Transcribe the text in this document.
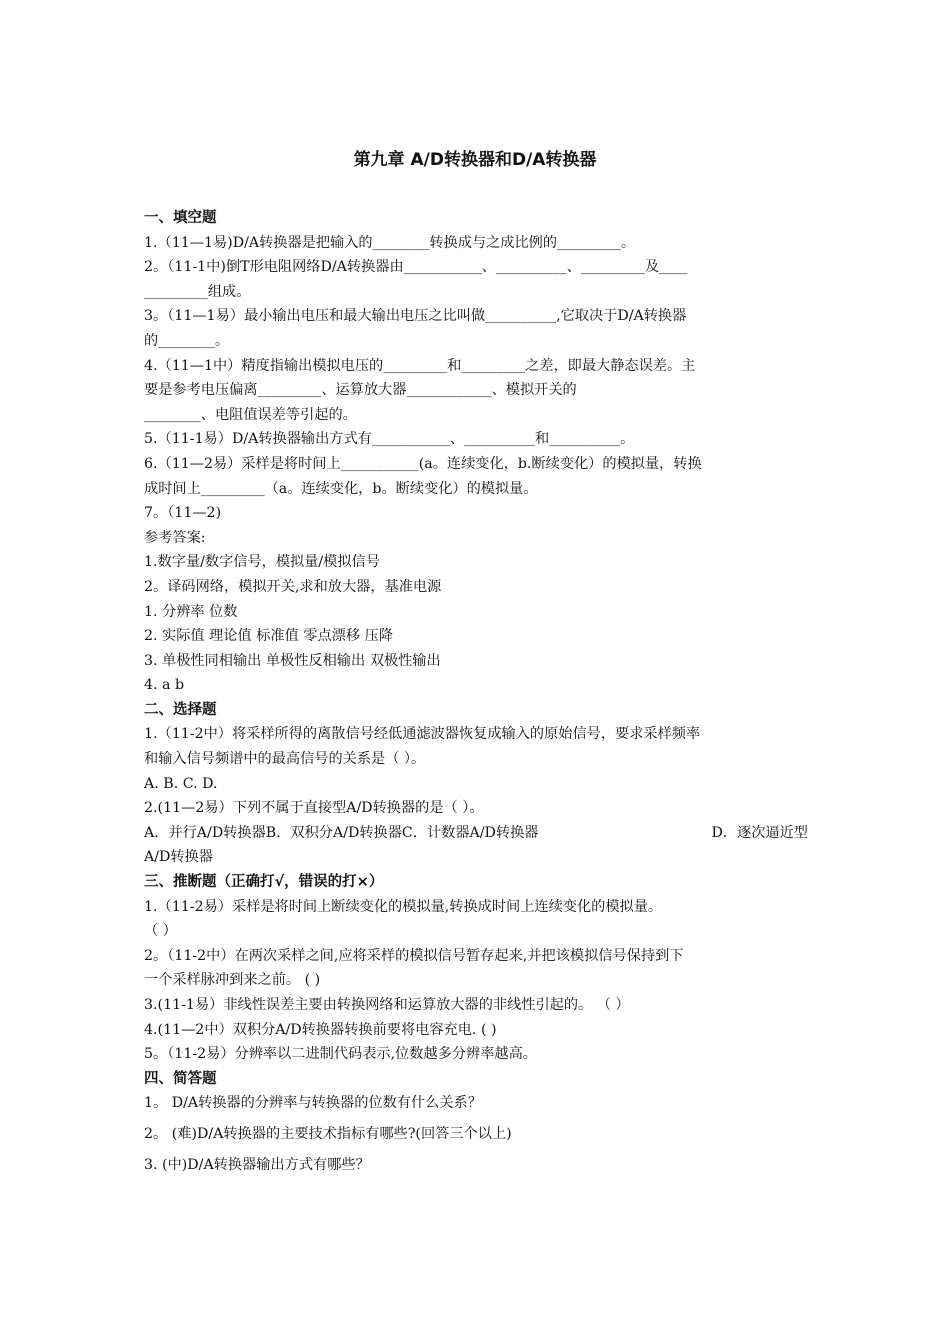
第九章 A/D转换器和D/A转换器
一、填空题
1.（11—1易)D/A转换器是把输入的________转换成与之成比例的_________。
2。（11-1中)倒T形电阻网络D/A转换器由___________、__________、_________及____
_________组成。
3。（11—1易）最小输出电压和最大输出电压之比叫做__________,它取决于D/A转换器
的________。
4.（11—1中）精度指输出模拟电压的_________和_________之差，即最大静态误差。主
要是参考电压偏离_________、运算放大器____________、模拟开关的
________、电阻值误差等引起的。
5.（11-1易）D/A转换器输出方式有___________、__________和__________。
6.（11—2易）采样是将时间上___________(a。连续变化，b.断续变化）的模拟量，转换
成时间上_________（a。连续变化，b。断续变化）的模拟量。
7。（11—2)
参考答案:
1.数字量/数字信号，模拟量/模拟信号
2。译码网络，模拟开关,求和放大器，基准电源
1. 分辨率 位数
2. 实际值 理论值 标准值 零点漂移 压降
3. 单极性同相输出 单极性反相输出 双极性输出
4. a b
二、选择题
1.（11-2中）将采样所得的离散信号经低通滤波器恢复成输入的原始信号，要求采样频率
和输入信号频谱中的最高信号的关系是（ ）。
A. B. C. D.
2.(11—2易）下列不属于直接型A/D转换器的是（ ）。
A．并行A/D转换器B．双积分A/D转换器C．计数器A/D转换器	D．逐次逼近型
A/D转换器
三、推断题（正确打√，错误的打×）
1.（11-2易）采样是将时间上断续变化的模拟量,转换成时间上连续变化的模拟量。
（ ）
2。（11-2中）在两次采样之间,应将采样的模拟信号暂存起来,并把该模拟信号保持到下
一个采样脉冲到来之前。 ( )
3.(11-1易）非线性误差主要由转换网络和运算放大器的非线性引起的。 （ ）
4.(11—2中）双积分A/D转换器转换前要将电容充电. ( )
5。（11-2易）分辨率以二进制代码表示,位数越多分辨率越高。
四、简答题
1。 D/A转换器的分辨率与转换器的位数有什么关系？
2。 (难)D/A转换器的主要技术指标有哪些?(回答三个以上)
3. (中)D/A转换器输出方式有哪些？
